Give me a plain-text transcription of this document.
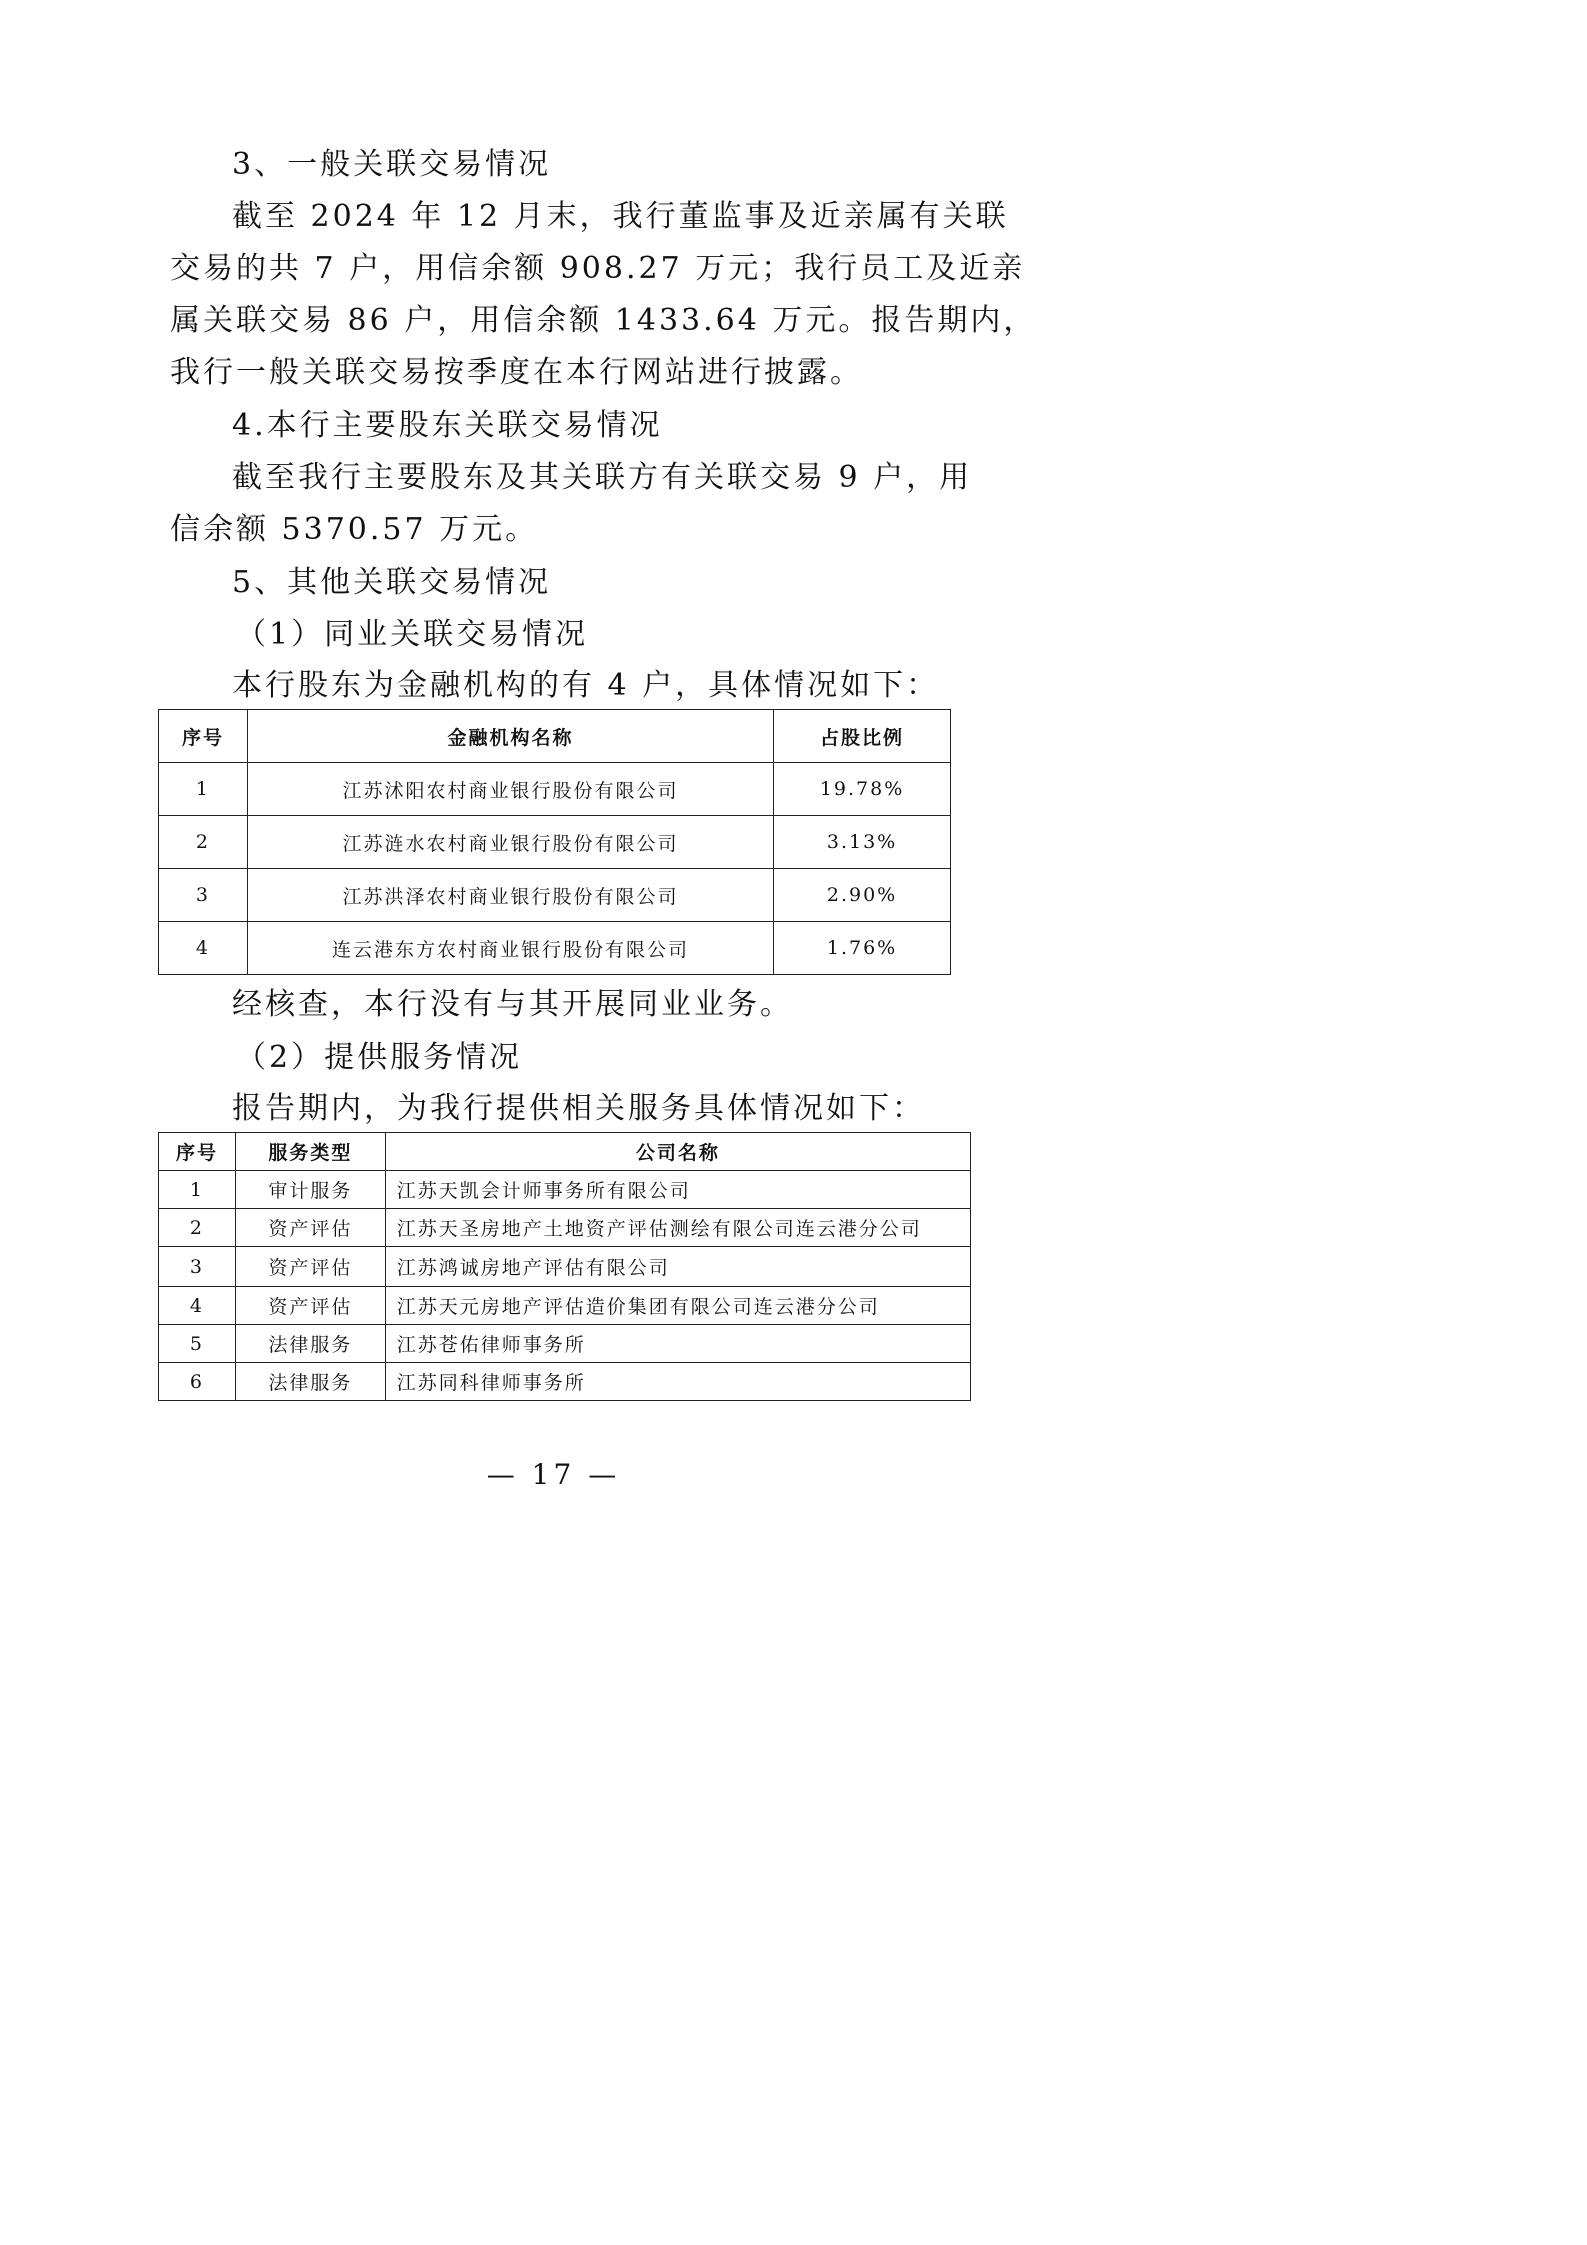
3、一般关联交易情况

截至 2024 年 12 月末，我行董监事及近亲属有关联

交易的共 7 户，用信余额 908.27 万元；我行员工及近亲

属关联交易 86 户，用信余额 1433.64 万元。报告期内，

我行一般关联交易按季度在本行网站进行披露。

4.本行主要股东关联交易情况

截至我行主要股东及其关联方有关联交易 9 户，用

信余额 5370.57 万元。

5、其他关联交易情况

（1）同业关联交易情况

本行股东为金融机构的有 4 户，具体情况如下：

序号	金融机构名称	占股比例
1	江苏沭阳农村商业银行股份有限公司	19.78%
2	江苏涟水农村商业银行股份有限公司	3.13%
3	江苏洪泽农村商业银行股份有限公司	2.90%
4	连云港东方农村商业银行股份有限公司	1.76%

经核查，本行没有与其开展同业业务。

（2）提供服务情况

报告期内，为我行提供相关服务具体情况如下：

序号	服务类型	公司名称
1	审计服务	江苏天凯会计师事务所有限公司
2	资产评估	江苏天圣房地产土地资产评估测绘有限公司连云港分公司
3	资产评估	江苏鸿诚房地产评估有限公司
4	资产评估	江苏天元房地产评估造价集团有限公司连云港分公司
5	法律服务	江苏苍佑律师事务所
6	法律服务	江苏同科律师事务所
— 17 —
